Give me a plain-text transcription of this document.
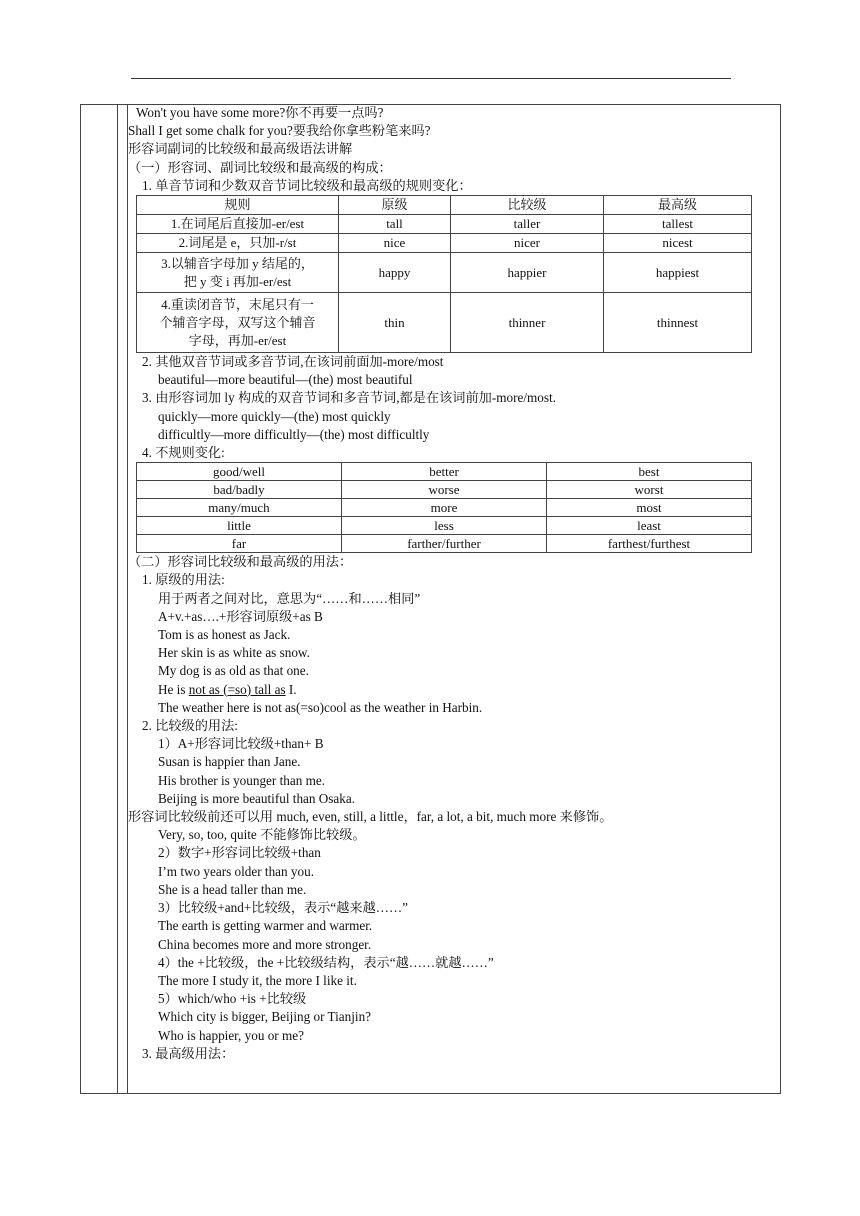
Won't you have some more?你不再要一点吗?

Shall I get some chalk for you?要我给你拿些粉笔来吗?

形容词副词的比较级和最高级语法讲解

（一）形容词、副词比较级和最高级的构成：

1. 单音节词和少数双音节词比较级和最高级的规则变化：

规则	原级	比较级	最高级
1.在词尾后直接加-er/est	tall	taller	tallest
2.词尾是 e，只加-r/st	nice	nicer	nicest

3.以辅音字母加 y 结尾的，
把 y 变 i 再加-er/est	happy	happier	happiest

4.重读闭音节，末尾只有一
个辅音字母，双写这个辅音
字母，再加-er/est	thin	thinner	thinnest

2. 其他双音节词或多音节词,在该词前面加-more/most

beautiful—more beautiful—(the) most beautiful

3. 由形容词加 ly 构成的双音节词和多音节词,都是在该词前加-more/most.

quickly—more quickly—(the) most quickly

difficultly—more difficultly—(the) most difficultly

4. 不规则变化:

good/well	better	best
bad/badly	worse	worst
many/much	more	most
little	less	least
far	farther/further	farthest/furthest

（二）形容词比较级和最高级的用法：

1. 原级的用法:

用于两者之间对比，意思为“……和……相同”

A+v.+as….+形容词原级+as B

Tom is as honest as Jack.

Her skin is as white as snow.

My dog is as old as that one.

He is not as (=so) tall as I.

The weather here is not as(=so)cool as the weather in Harbin.

2. 比较级的用法:

1）A+形容词比较级+than+ B

Susan is happier than Jane.

His brother is younger than me.

Beijing is more beautiful than Osaka.

形容词比较级前还可以用 much, even, still, a little，far, a lot, a bit, much more 来修饰。

Very, so, too, quite 不能修饰比较级。

2）数字+形容词比较级+than

I’m two years older than you.

She is a head taller than me.

3）比较级+and+比较级，表示“越来越……”

The earth is getting warmer and warmer.

China becomes more and more stronger.

4）the +比较级，the +比较级结构，表示“越……就越……”

The more I study it, the more I like it.

5）which/who +is +比较级

Which city is bigger, Beijing or Tianjin?

Who is happier, you or me?

3. 最高级用法：
